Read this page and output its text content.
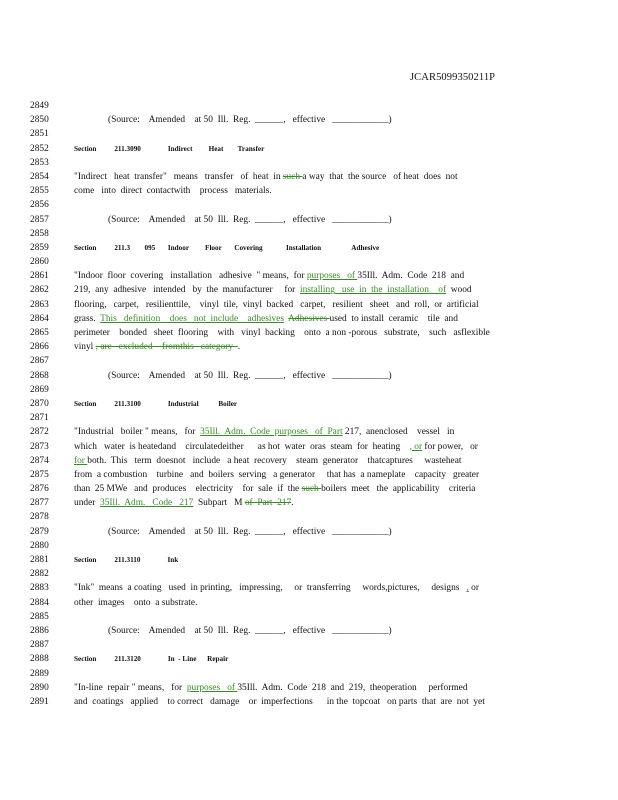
JCAR5099350211P
2849
2850	(Source:    Amended    at 50  Ill.  Reg.  ______,   effective   ____________)
2851
2852	Section          211.3090               Indirect         Heat        Transfer
2853
2854	"Indirect   heat  transfer"   means   transfer   of  heat  in such a way  that  the source   of heat  does  not
2855	come   into  direct  contactwith    process   materials.
2856
2857	(Source:    Amended    at 50  Ill.  Reg.  ______,   effective   ____________)
2858
2859	Section          211.3        095       Indoor         Floor       Covering             Installation                 Adhesive
2860
2861	"Indoor  floor  covering   installation   adhesive  " means,  for purposes   of 35Ill.  Adm.  Code  218  and
2862	219,  any  adhesive   intended   by  the  manufacturer     for  installing   use  in  the  installation    of  wood
2863	flooring,   carpet,   resilienttile,    vinyl  tile,  vinyl  backed   carpet,   resilient   sheet   and  roll,  or  artificial
2864	grass.  This   definition    does   not  include    adhesives Adhesives used  to install  ceramic    tile  and
2865	perimeter    bonded   sheet  flooring    with   vinyl  backing    onto  a non -porous   substrate,    such   asflexible
2866	vinyl , are   excluded    fromthis   category  .
2867
2868	(Source:    Amended    at 50  Ill.  Reg.  ______,   effective   ____________)
2869
2870	Section          211.3100               Industrial           Boiler
2871
2872	"Industrial   boiler " means,   for  35Ill.  Adm.  Code  purposes   of  Part 217,  anenclosed    vessel   in
2873	which   water  is heatedand    circulatedeither      as hot  water  oras  steam  for  heating    , or for power,   or
2874	for both.  This   term  doesnot   include   a heat  recovery    steam  generator    thatcaptures     wasteheat
2875	from  a combustion    turbine   and  boilers  serving   a generator     that has  a nameplate    capacity   greater
2876	than  25 MWe   and  produces    electricity    for  sale  if  the such boilers  meet   the  applicability    criteria
2877	under  35Ill.  Adm.   Code   217  Subpart   M of  Part  217.
2878
2879	(Source:    Amended    at 50  Ill.  Reg.  ______,   effective   ____________)
2880
2881	Section          211.3110               Ink
2882
2883	"Ink"  means  a coating   used  in printing,   impressing,     or  transferring     words,pictures,     designs   , or
2884	other  images    onto  a substrate.
2885
2886	(Source:    Amended    at 50  Ill.  Reg.  ______,   effective   ____________)
2887
2888	Section          211.3120               In  - Line      Repair
2889
2890	"In-line  repair " means,   for  purposes   of 35Ill.  Adm.  Code  218  and  219,  theoperation     performed
2891	and  coatings   applied    to correct   damage    or  imperfections      in the  topcoat   on parts  that  are  not  yet
